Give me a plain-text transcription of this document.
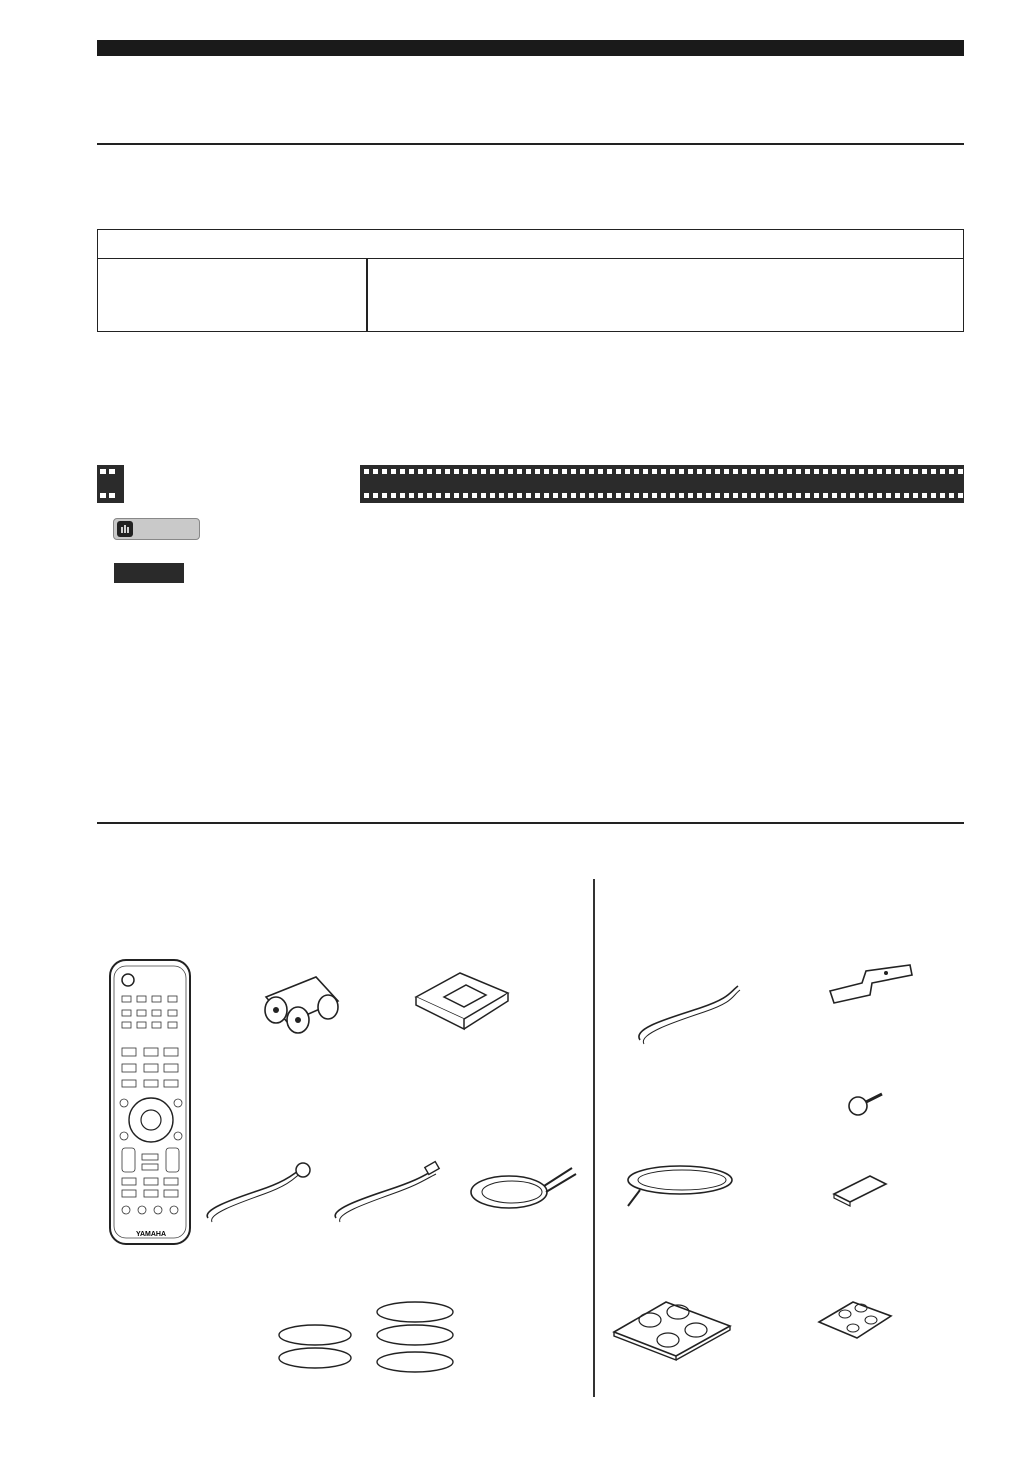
YAMAHA
